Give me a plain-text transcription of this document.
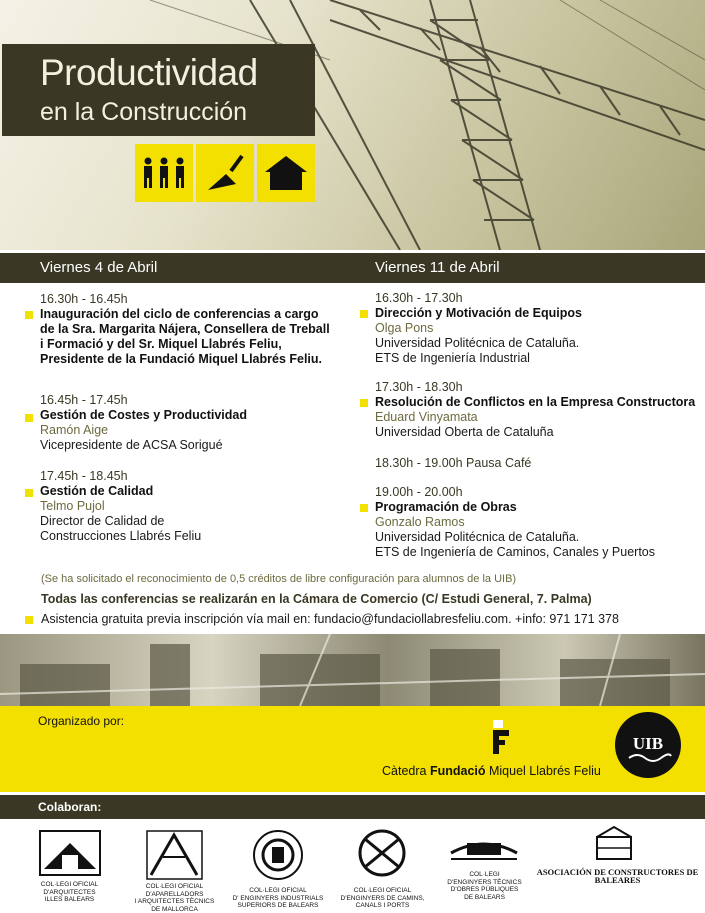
Productividad
en la Construcción
Viernes 4 de Abril	Viernes 11 de Abril
16.30h - 16.45h
Inauguración del ciclo de conferencias a cargo
de la Sra. Margarita Nájera, Consellera de Treball
i Formació y del Sr. Miquel Llabrés Feliu,
Presidente de la Fundació Miquel Llabrés Feliu.
16.45h - 17.45h
Gestión de Costes y Productividad
Ramón Aige
Vicepresidente de ACSA Sorigué
17.45h - 18.45h
Gestión de Calidad
Telmo Pujol
Director de Calidad de
Construcciones Llabrés Feliu
16.30h - 17.30h
Dirección y Motivación de Equipos
Olga Pons
Universidad Politécnica de Cataluña.
ETS de Ingeniería Industrial
17.30h - 18.30h
Resolución de Conflictos en la Empresa Constructora
Eduard Vinyamata
Universidad Oberta de Cataluña
18.30h - 19.00h Pausa Café
19.00h - 20.00h
Programación de Obras
Gonzalo Ramos
Universidad Politécnica de Cataluña.
ETS de Ingeniería de Caminos, Canales y Puertos
(Se ha solicitado el reconocimiento de 0,5 créditos de libre configuración para alumnos de la UIB)
Todas las conferencias se realizarán en la Cámara de Comercio (C/ Estudi General, 7. Palma)
Asistencia gratuita previa inscripción vía mail en: fundacio@fundaciollabresfeliu.com. +info: 971 171 378
Organizado por:
Càtedra Fundació Miquel Llabrés Feliu
UIB
Colaboran:
COL·LEGI OFICIAL
D'ARQUITECTES
ILLES BALEARS
COL·LEGI OFICIAL
D'APARELLADORS
I ARQUITECTES TÈCNICS
DE MALLORCA
COL·LEGI OFICIAL
D' ENGINYERS INDUSTRIALS
SUPERIORS DE BALEARS
COL·LEGI OFICIAL
D'ENGINYERS DE CAMINS,
CANALS I PORTS
COL·LEGI
D'ENGINYERS TÈCNICS
D'OBRES PÚBLIQUES
DE BALEARS
ASOCIACIÓN DE CONSTRUCTORES DE BALEARES
